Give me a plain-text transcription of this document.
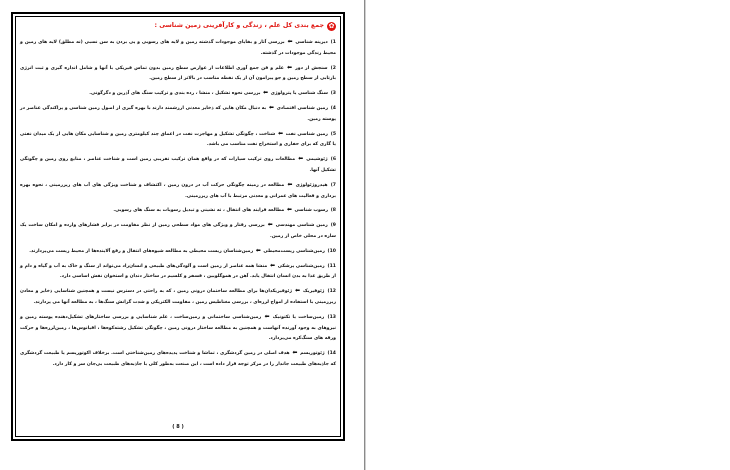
✿
جمع بندی کل علم ، زندگی و کارآفرینی زمین شناسی :
1) دیرینه شناسی ⬅ بررسی آثار و بقایای موجودات گذشته زمین و لایه های رسوبی و پی بردن به سن نسبی (نه مطلق) لایه های زمین و محیط زندگی موجودات در گذشته.
2) سنجش از دور ⬅ علم و فن جمع آوری اطلاعات از عوارض سطح زمین بدون تماس فیزیکی با آنها و شامل اندازه گیری و ثبت انرژی بازتابی از سطح زمین و جو پیرامون آن از یک نقطه مناسب در بالاتر از سطح زمین.
3) سنگ شناسی یا پترولوژی ⬅ بررسی نحوه تشکیل ، منشا ، رده بندی و ترکیب سنگ های آذرین و دگرگونی.
4) زمین شناسی اقتصادی ⬅ به دنبال مکان هایی که ذخایر معدنی ارزشمند دارند با بهره گیری از اصول زمین شناسی و پراکندگی عناصر در پوسته زمین.
5) زمین شناسی نفت ⬅ شناخت ، چگونگی تشکیل و مهاجرت نفت در اعماق چند کیلومتری زمین و شناسایی مکان هایی از یک میدان نفتی یا گازی که برای حفاری و استخراج نفت مناسب می باشد.
6) ژئوشیمی ⬅ مطالعات روی ترکیب سیارات که در واقع همان ترکیب تقریبی زمین است و شناخت عناصر ، منابع روی زمین و چگونگی تشکیل آنها.
7) هیدروژئولوژی ⬅ مطالعه در زمینه چگونگی حرکت آب در درون زمین ، اکتشاف و شناخت ویژگی های آب های زیرزمینی ، نحوه بهره برداری و فعالیت های عمرانی و معدنی مرتبط با آب های زیرزمینی.
8) رسوب شناسی ⬅ مطالعه فرایند های انتقال ، ته نشینی و تبدیل رسوبات به سنگ های رسوبی.
9) زمین شناسی مهندسی ⬅ بررسی رفتار و ویژگی های مواد سطحی زمین از نظر مقاومت در برابر فشارهای وارده و امکان ساخت یک سازه در محلی خاص از زمین.
10) زمین‌شناسی زیست‌محیطی ⬅ زمین‌شناسان زیست محیطی به مطالعه شیوه‌های انتقال و رفع آلاینده‌ها از محیط زیست می‌پردازند.
11) زمین‌شناسی پزشکی ⬅ منشا همه عناصر از زمین است و آلودگی‌های طبیعی و انسان‌زاد می‌تواند از سنگ و خاک به آب و گیاه و دام و از طریق غذا به بدن انسان انتقال یابد. آهن در هموگلوبین ، فسفر و کلسیم در ساختار دندان و استخوان نقش اساسی دارد.
12) ژئوفیزیک ⬅ ژئوفیزیکدان‌ها برای مطالعه ساختمان درونی زمین ، که به راحتی در دسترس نیست و همچنین شناسایی ذخایر و معادن زیرزمینی با استفاده از امواج لرزه‌ای ، بررسی مغناطیس زمین ، مقاومت الکتریکی و شدت گرانش سنگ‌ها ، به مطالعه آنها می پردازند.
13) زمین‌ساخت یا تکتونیک ⬅ زمین‌شناسی ساختمانی و زمین‌ساخت ، علم شناسایی و بررسی ساختارهای تشکیل‌دهنده پوسته زمین و نیروهای به وجود آورنده آنهاست و همچنین به مطالعه ساختار درونی زمین ، چگونگی تشکیل رشته‌کوه‌ها ، اقیانوس‌ها ، زمین‌لرزه‌ها و حرکت ورقه های سنگ‌کره می‌پردازد.
14) ژئوتوریسم ⬅ هدف اصلی در زمین گردشگری ، تماشا و شناخت پدیده‌های زمین‌شناختی است. برخلاف اکوتوریسم یا طبیعت گردشگری که جاذبه‌های طبیعت جاندار را در مرکز توجه قرار داده است ، این صنعت به‌طور کلی با جاذبه‌های طبیعت بی‌جان سر و کار دارد.
( 8 )
